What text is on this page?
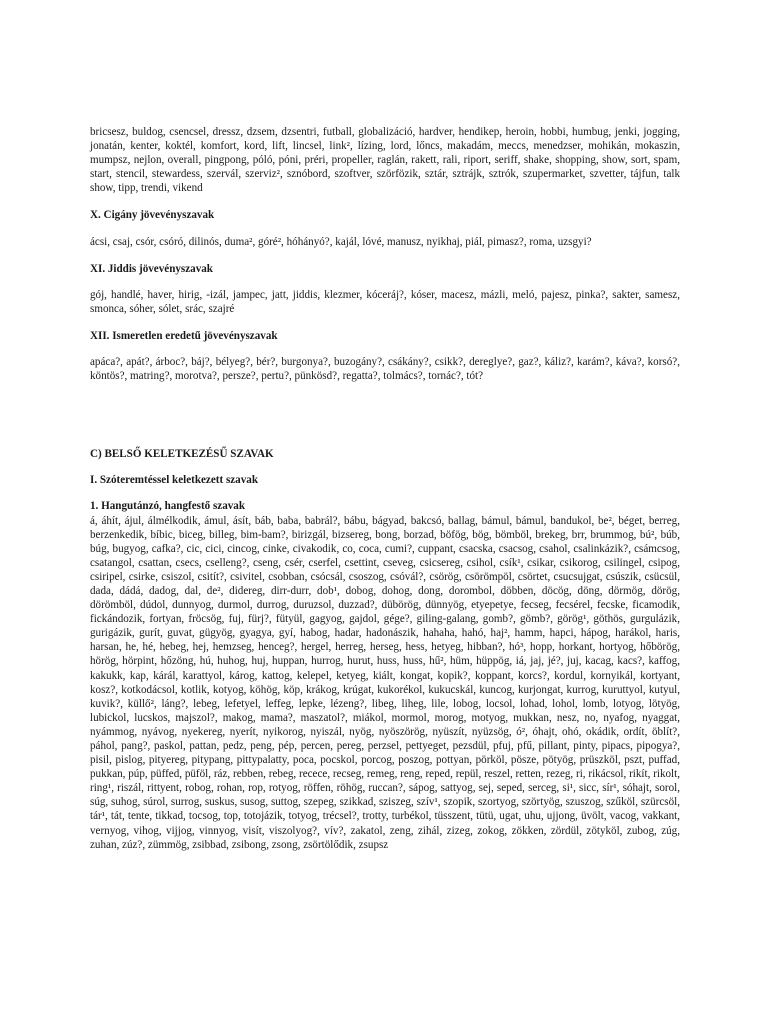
bricsesz, buldog, csencsel, dressz, dzsem, dzsentri, futball, globalizáció, hardver, hendikep, heroin, hobbi, humbug, jenki, jogging, jonatán, kenter, koktél, komfort, kord, lift, lincsel, link², lízing, lord, lőncs, makadám, meccs, menedzser, mohikán, mokaszin, mumpsz, nejlon, overall, pingpong, póló, póni, préri, propeller, raglán, rakett, rali, riport, seriff, shake, shopping, show, sort, spam, start, stencil, stewardess, szervál, szerviz², sznóbord, szoftver, szörfözik, sztár, sztrájk, sztrók, szupermarket, szvetter, tájfun, talk show, tipp, trendi, vikend

X. Cigány jövevényszavak

ácsi, csaj, csór, csóró, dilinós, duma², góré², hóhányó?, kajál, lóvé, manusz, nyikhaj, piál, pimasz?, roma, uzsgyi?

XI. Jiddis jövevényszavak

gój, handlé, haver, hirig, -izál, jampec, jatt, jiddis, klezmer, kóceráj?, kóser, macesz, mázli, meló, pajesz, pinka?, sakter, samesz, smonca, sóher, sólet, srác, szajré

XII. Ismeretlen eredetű jövevényszavak

apáca?, apát?, árboc?, báj?, bélyeg?, bér?, burgonya?, buzogány?, csákány?, csikk?, dereglye?, gaz?, káliz?, karám?, káva?, korsó?, köntös?, matring?, morotva?, persze?, pertu?, pünkösd?, regatta?, tolmács?, tornác?, tót?

C) BELSŐ KELETKEZÉSŰ SZAVAK

I. Szóteremtéssel keletkezett szavak

1. Hangutánzó, hangfestő szavak

á, áhít, ájul, álmélkodik, ámul, ásít, báb, baba, babrál?, bábu, bágyad, bakcsó, ballag, bámul, bámul, bandukol, be², béget, berreg, berzenkedik, bíbic, biceg, billeg, bim-bam?, birizgál, bizsereg, bong, borzad, böfög, bög, bömböl, brekeg, brr, brummog, bú², búb, búg, bugyog, cafka?, cic, cici, cincog, cinke, civakodik, co, coca, cumi?, cuppant, csacska, csacsog, csahol, csalinkázik?, csámcsog, csatangol, csattan, csecs, cselleng?, cseng, csér, cserfel, csettint, cseveg, csicsereg, csihol, csík¹, csikar, csikorog, csilingel, csipog, csiripel, csirke, csiszol, csitít?, csivitel, csobban, csócsál, csoszog, csóvál?, csörög, csörömpöl, csörtet, csucsujgat, csúszik, csücsül, dada, dádá, dadog, dal, de², didereg, dirr-durr, dob¹, dobog, dohog, dong, dorombol, döbben, döcög, döng, dörmög, dörög, dörömböl, dúdol, dunnyog, durmol, durrog, duruzsol, duzzad?, dübörög, dünnyög, etyepetye, fecseg, fecsérel, fecske, ficamodik, fickándozik, fortyan, fröcsög, fuj, fürj?, fütyül, gagyog, gajdol, gége?, giling-galang, gomb?, gömb?, görög¹, göthös, gurgulázik, gurigázik, gurít, guvat, gügyög, gyagya, gyí, habog, hadar, hadonászik, hahaha, hahó, haj², hamm, hapci, hápog, harákol, haris, harsan, he, hé, hebeg, hej, hemzseg, henceg?, hergel, herreg, herseg, hess, hetyeg, hibban?, hó³, hopp, horkant, hortyog, hőbörög, hörög, hörpint, hőzöng, hú, huhog, huj, huppan, hurrog, hurut, huss, huss, hű², hüm, hüppög, iá, jaj, jé?, juj, kacag, kacs?, kaffog, kakukk, kap, kárál, karattyol, károg, kattog, kelepel, ketyeg, kiált, kongat, kopik?, koppant, korcs?, kordul, kornyikál, kortyant, kosz?, kotkodácsol, kotlik, kotyog, köhög, köp, krákog, krúgat, kukorékol, kukucskál, kuncog, kurjongat, kurrog, kuruttyol, kutyul, kuvik?, küllő², láng?, lebeg, lefetyel, leffeg, lepke, lézeng?, libeg, liheg, lile, lobog, locsol, lohad, lohol, lomb, lotyog, lötyög, lubickol, lucskos, majszol?, makog, mama?, maszatol?, miákol, mormol, morog, motyog, mukkan, nesz, no, nyafog, nyaggat, nyámmog, nyávog, nyekereg, nyerít, nyikorog, nyiszál, nyög, nyöszörög, nyüszít, nyüzsög, ó², óhajt, ohó, okádik, ordít, öblít?, páhol, pang?, paskol, pattan, pedz, peng, pép, percen, pereg, perzsel, pettyeget, pezsdül, pfuj, pfű, pillant, pinty, pipacs, pipogya?, pisil, pislog, pityereg, pitypang, pittypalatty, poca, pocskol, porcog, poszog, pottyan, pörköl, pösze, pötyög, prüszköl, pszt, puffad, pukkan, púp, püffed, püföl, ráz, rebben, rebeg, recece, recseg, remeg, reng, reped, repül, reszel, retten, rezeg, ri, rikácsol, rikít, rikolt, ring¹, riszál, rittyent, robog, rohan, rop, rotyog, röffen, röhög, ruccan?, sápog, sattyog, sej, seped, serceg, si¹, sicc, sír¹, sóhajt, sorol, súg, suhog, súrol, surrog, suskus, susog, suttog, szepeg, szikkad, sziszeg, szív¹, szopik, szortyog, szörtyög, szuszog, szűköl, szürcsöl, tár¹, tát, tente, tikkad, tocsog, top, totojázik, totyog, trécsel?, trotty, turbékol, tüsszent, tütü, ugat, uhu, ujjong, üvölt, vacog, vakkant, vernyog, vihog, vijjog, vinnyog, visít, viszolyog?, vív?, zakatol, zeng, zihál, zizeg, zokog, zökken, zördül, zötyköl, zubog, zúg, zuhan, zúz?, zümmög, zsibbad, zsibong, zsong, zsörtölődik, zsupsz
